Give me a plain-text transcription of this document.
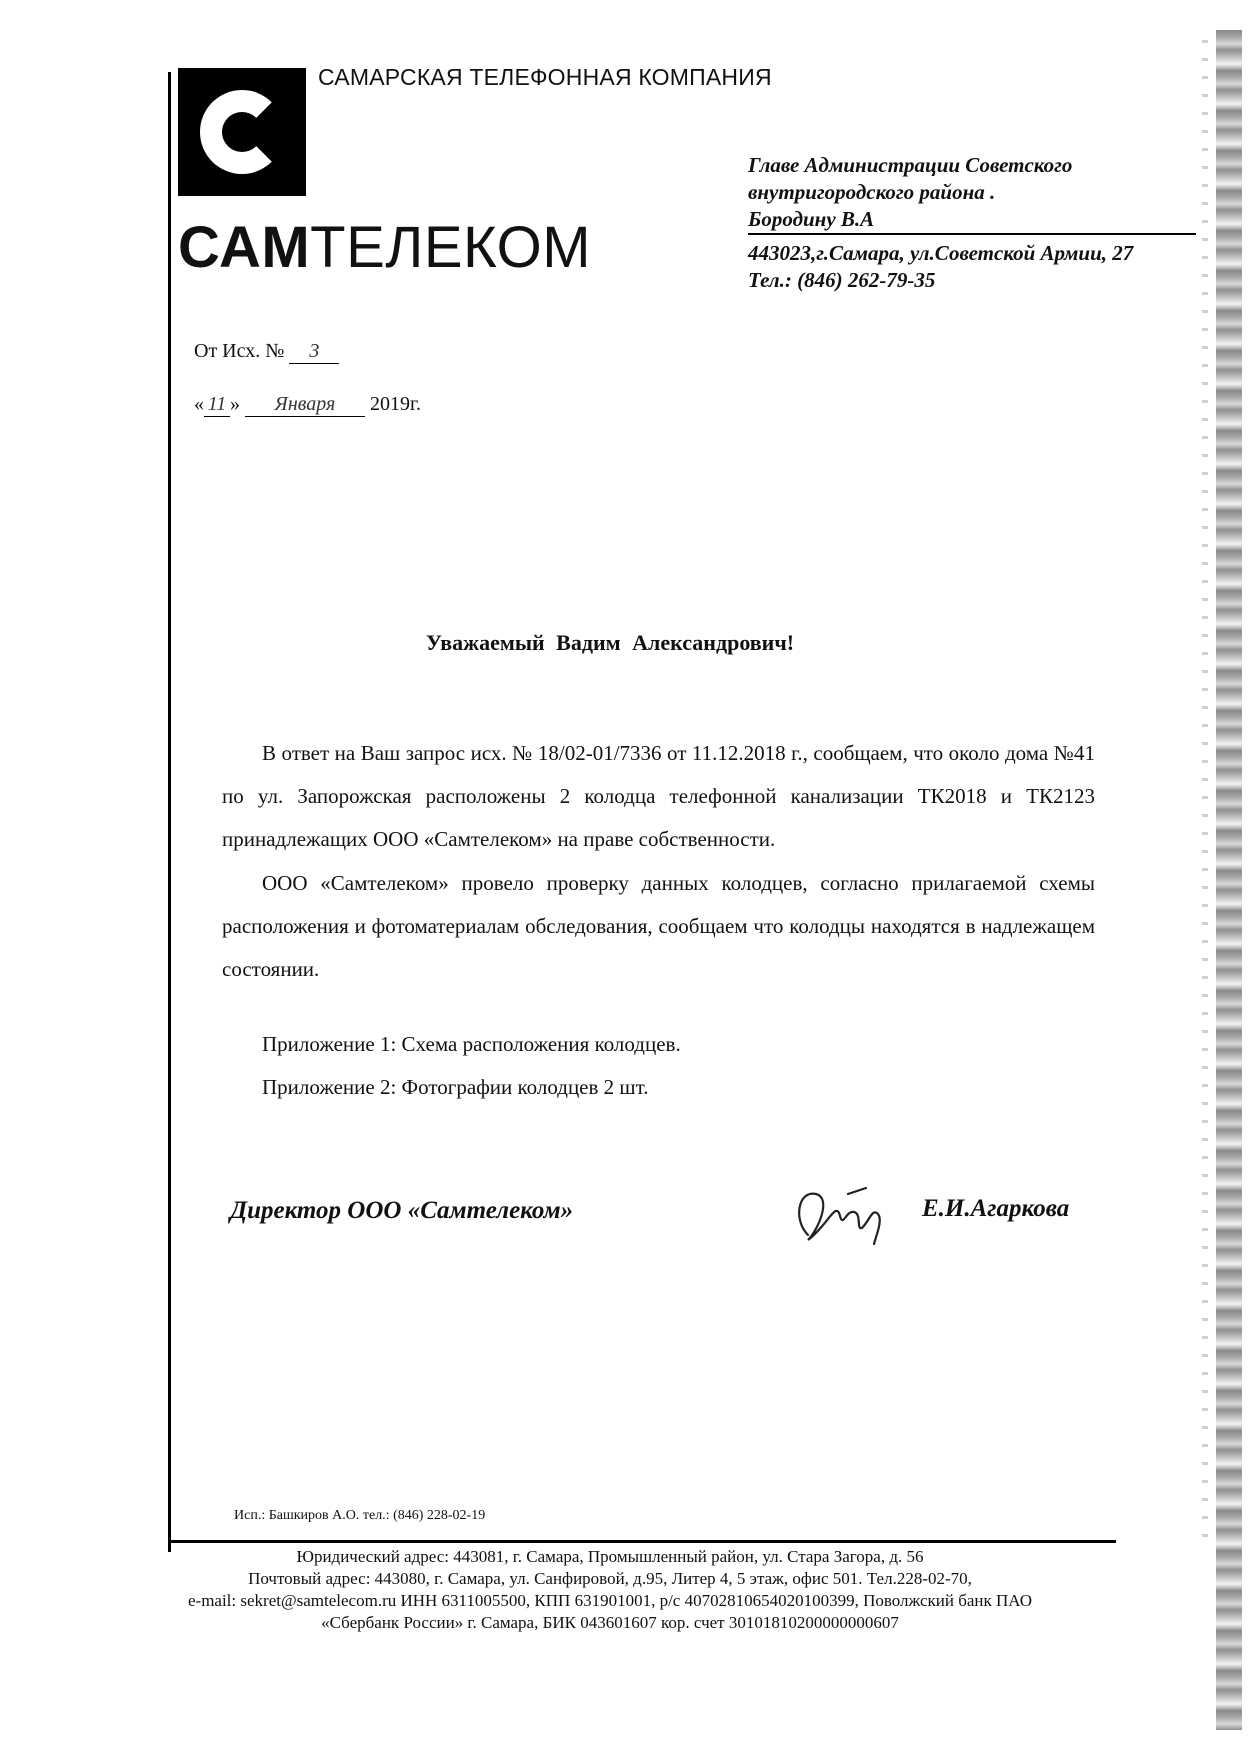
САМАРСКАЯ ТЕЛЕФОННАЯ КОМПАНИЯ
САМТЕЛЕКОМ
Главе Администрации Советского
внутригородского района .
Бородину В.А
443023,г.Самара, ул.Советской Армии, 27
Тел.: (846) 262-79-35
От Исх. № 3
« 11 » Января 2019г.
Уважаемый Вадим Александрович!
В ответ на Ваш запрос исх. № 18/02-01/7336 от 11.12.2018 г., сообщаем, что около дома №41 по ул. Запорожская расположены 2 колодца телефонной канализации ТК2018 и ТК2123 принадлежащих ООО «Самтелеком» на праве собственности.
ООО «Самтелеком» провело проверку данных колодцев, согласно прилагаемой схемы расположения и фотоматериалам обследования, сообщаем что колодцы находятся в надлежащем состоянии.
Приложение 1: Схема расположения колодцев.
Приложение 2: Фотографии колодцев 2 шт.
Директор ООО «Самтелеком»	Е.И.Агаркова
Исп.: Башкиров А.О. тел.: (846) 228-02-19
Юридический адрес: 443081, г. Самара, Промышленный район, ул. Стара Загора, д. 56
Почтовый адрес: 443080, г. Самара, ул. Санфировой, д.95, Литер 4, 5 этаж, офис 501. Тел.228-02-70,
e-mail: sekret@samtelecom.ru ИНН 6311005500, КПП 631901001, р/с 40702810654020100399, Поволжский банк ПАО
«Сбербанк России» г. Самара, БИК 043601607 кор. счет 30101810200000000607
